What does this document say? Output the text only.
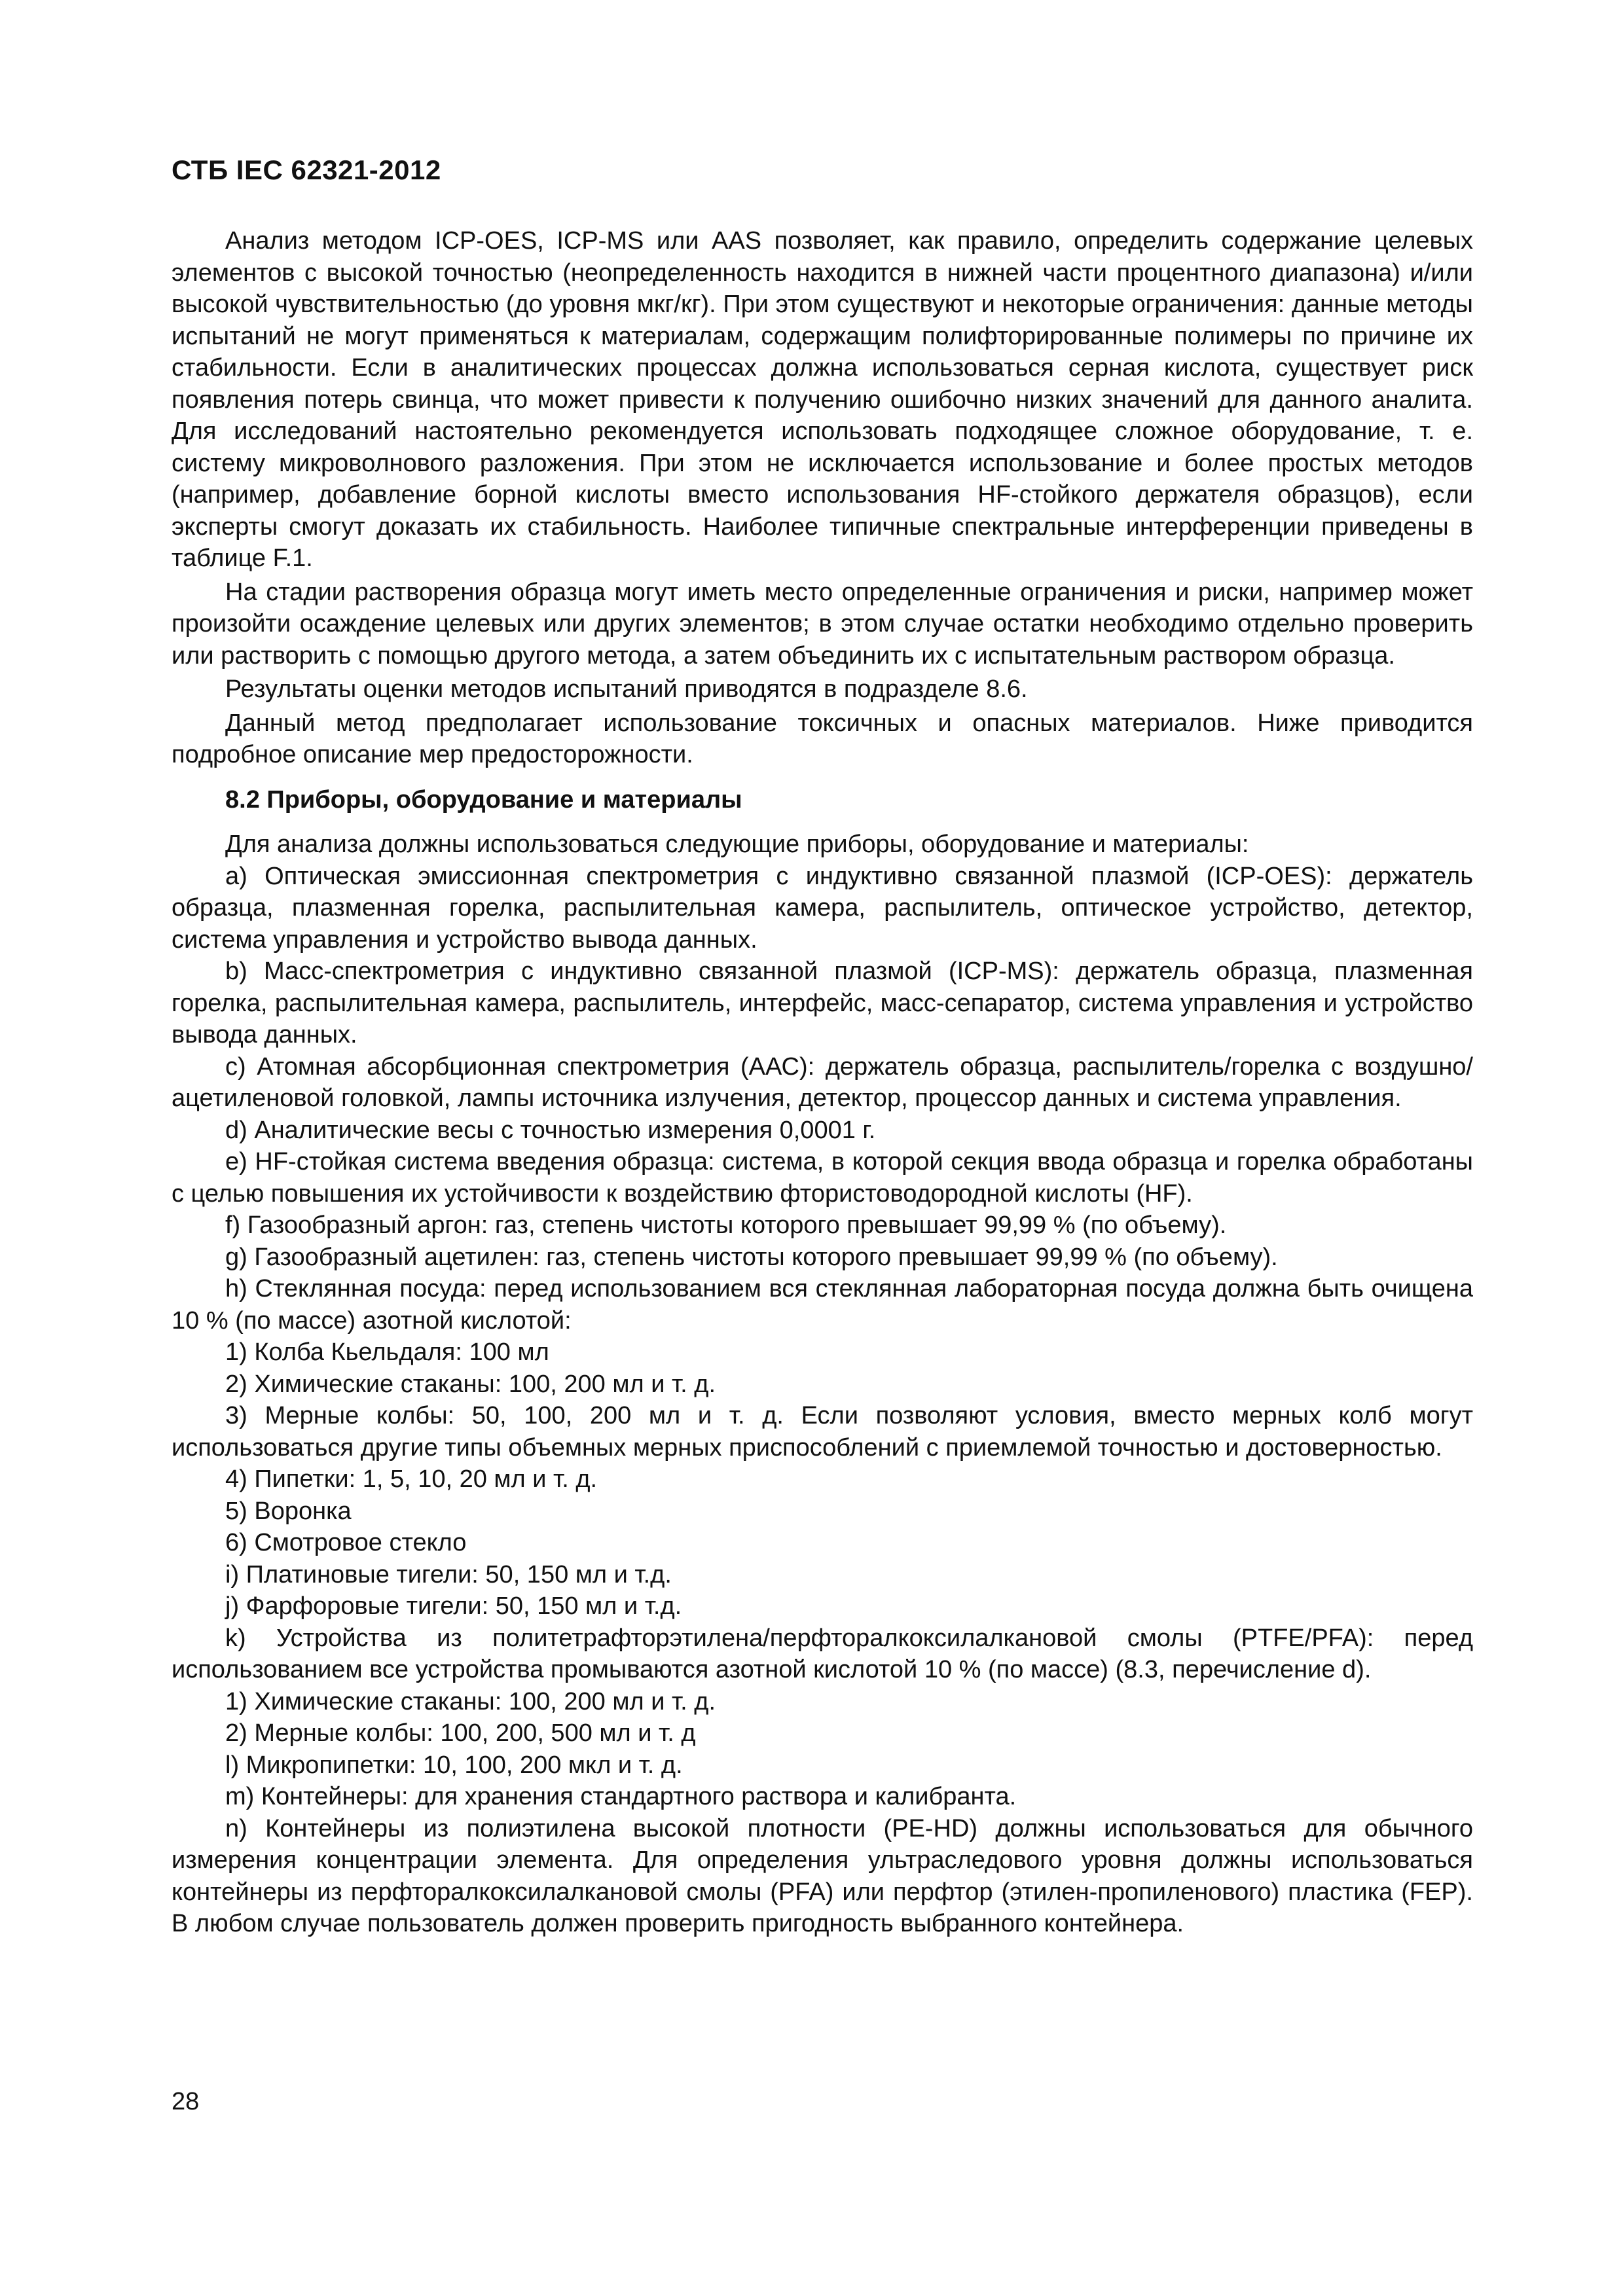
СТБ IEC 62321-2012

Анализ методом ICP-OES, ICP-MS или AAS позволяет, как правило, определить содержание целевых элементов с высокой точностью (неопределенность находится в нижней части процентного диапазона) и/или высокой чувствительностью (до уровня мкг/кг). При этом существуют и некоторые ограничения: данные методы испытаний не могут применяться к материалам, содержащим полифторированные полимеры по причине их стабильности. Если в аналитических процессах должна использоваться серная кислота, существует риск появления потерь свинца, что может привести к получению ошибочно низких значений для данного аналита. Для исследований настоятельно рекомендуется использовать подходящее сложное оборудование, т. е. систему микроволнового разложения. При этом не исключается использование и более простых методов (например, добавление борной кислоты вместо использования HF-стойкого держателя образцов), если эксперты смогут доказать их стабильность. Наиболее типичные спектральные интерференции приведены в таблице F.1.

На стадии растворения образца могут иметь место определенные ограничения и риски, например может произойти осаждение целевых или других элементов; в этом случае остатки необходимо отдельно проверить или растворить с помощью другого метода, а затем объединить их с испытательным раствором образца.

Результаты оценки методов испытаний приводятся в подразделе 8.6.

Данный метод предполагает использование токсичных и опасных материалов. Ниже приводится подробное описание мер предосторожности.

8.2 Приборы, оборудование и материалы

Для анализа должны использоваться следующие приборы, оборудование и материалы:

a) Оптическая эмиссионная спектрометрия с индуктивно связанной плазмой (ICP-OES): держатель образца, плазменная горелка, распылительная камера, распылитель, оптическое устройство, детектор, система управления и устройство вывода данных.

b) Масс-спектрометрия с индуктивно связанной плазмой (ICP-MS): держатель образца, плазменная горелка, распылительная камера, распылитель, интерфейс, масс-сепаратор, система управления и устройство вывода данных.

c) Атомная абсорбционная спектрометрия (ААС): держатель образца, распылитель/горелка с воздушно/ацетиленовой головкой, лампы источника излучения, детектор, процессор данных и система управления.

d) Аналитические весы с точностью измерения 0,0001 г.

e) HF-стойкая система введения образца: система, в которой секция ввода образца и горелка обработаны с целью повышения их устойчивости к воздействию фтористоводородной кислоты (HF).

f) Газообразный аргон: газ, степень чистоты которого превышает 99,99 % (по объему).

g) Газообразный ацетилен: газ, степень чистоты которого превышает 99,99 % (по объему).

h) Стеклянная посуда: перед использованием вся стеклянная лабораторная посуда должна быть очищена 10 % (по массе) азотной кислотой:

1) Колба Кьельдаля: 100 мл

2) Химические стаканы: 100, 200 мл и т. д.

3) Мерные колбы: 50, 100, 200 мл и т. д. Если позволяют условия, вместо мерных колб могут использоваться другие типы объемных мерных приспособлений с приемлемой точностью и достоверностью.

4) Пипетки: 1, 5, 10, 20 мл и т. д.

5) Воронка

6) Смотровое стекло

i) Платиновые тигели: 50, 150 мл и т.д.

j) Фарфоровые тигели: 50, 150 мл и т.д.

k) Устройства из политетрафторэтилена/перфторалкоксилалкановой смолы (PTFE/PFA): перед использованием все устройства промываются азотной кислотой 10 % (по массе) (8.3, перечисление d).

1) Химические стаканы: 100, 200 мл и т. д.

2) Мерные колбы: 100, 200, 500 мл и т. д

l) Микропипетки: 10, 100, 200 мкл и т. д.

m) Контейнеры: для хранения стандартного раствора и калибранта.

n) Контейнеры из полиэтилена высокой плотности (PE-HD) должны использоваться для обычного измерения концентрации элемента. Для определения ультраследового уровня должны использоваться контейнеры из перфторалкоксилалкановой смолы (PFA) или перфтор (этилен-пропиленового) пластика (FEP). В любом случае пользователь должен проверить пригодность выбранного контейнера.

28
